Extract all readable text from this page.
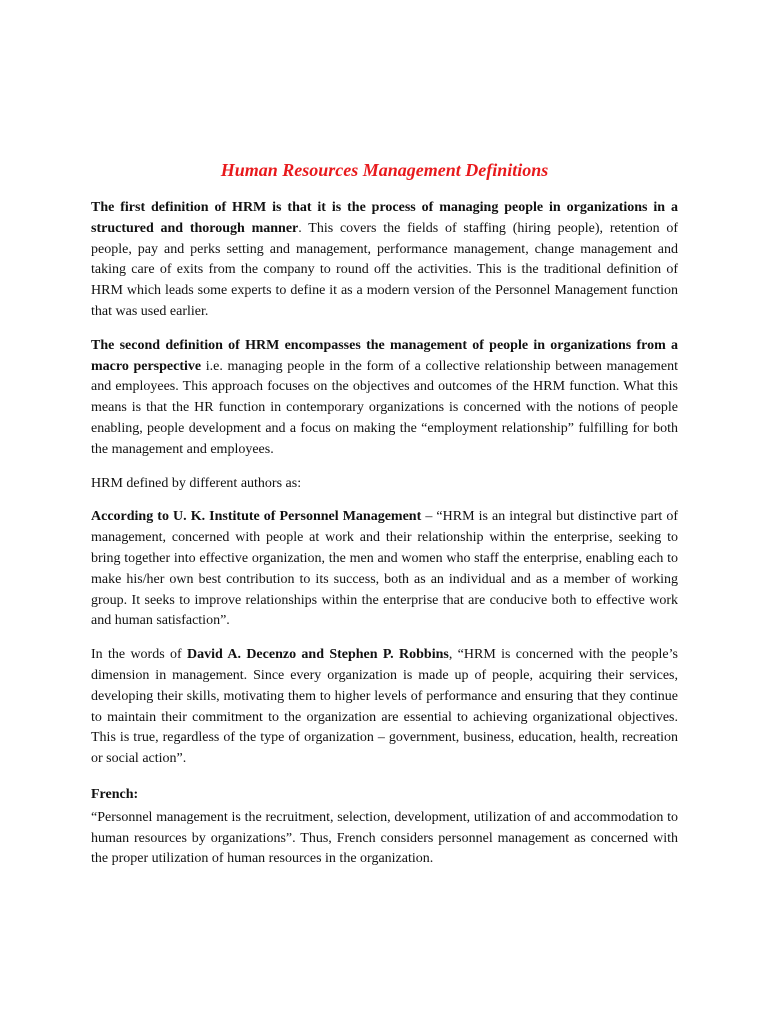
Human Resources Management Definitions

The first definition of HRM is that it is the process of managing people in organizations in a structured and thorough manner. This covers the fields of staffing (hiring people), retention of people, pay and perks setting and management, performance management, change management and taking care of exits from the company to round off the activities. This is the traditional definition of HRM which leads some experts to define it as a modern version of the Personnel Management function that was used earlier.

The second definition of HRM encompasses the management of people in organizations from a macro perspective i.e. managing people in the form of a collective relationship between management and employees. This approach focuses on the objectives and outcomes of the HRM function. What this means is that the HR function in contemporary organizations is concerned with the notions of people enabling, people development and a focus on making the “employment relationship” fulfilling for both the management and employees.

HRM defined by different authors as:

According to U. K. Institute of Personnel Management – “HRM is an integral but distinctive part of management, concerned with people at work and their relationship within the enterprise, seeking to bring together into effective organization, the men and women who staff the enterprise, enabling each to make his/her own best contribution to its success, both as an individual and as a member of working group. It seeks to improve relationships within the enterprise that are conducive both to effective work and human satisfaction”.

In the words of David A. Decenzo and Stephen P. Robbins, “HRM is concerned with the people’s dimension in management. Since every organization is made up of people, acquiring their services, developing their skills, motivating them to higher levels of performance and ensuring that they continue to maintain their commitment to the organization are essential to achieving organizational objectives. This is true, regardless of the type of organization – government, business, education, health, recreation or social action”.

French:

“Personnel management is the recruitment, selection, development, utilization of and accommodation to human resources by organizations”. Thus, French considers personnel management as concerned with the proper utilization of human resources in the organization.
